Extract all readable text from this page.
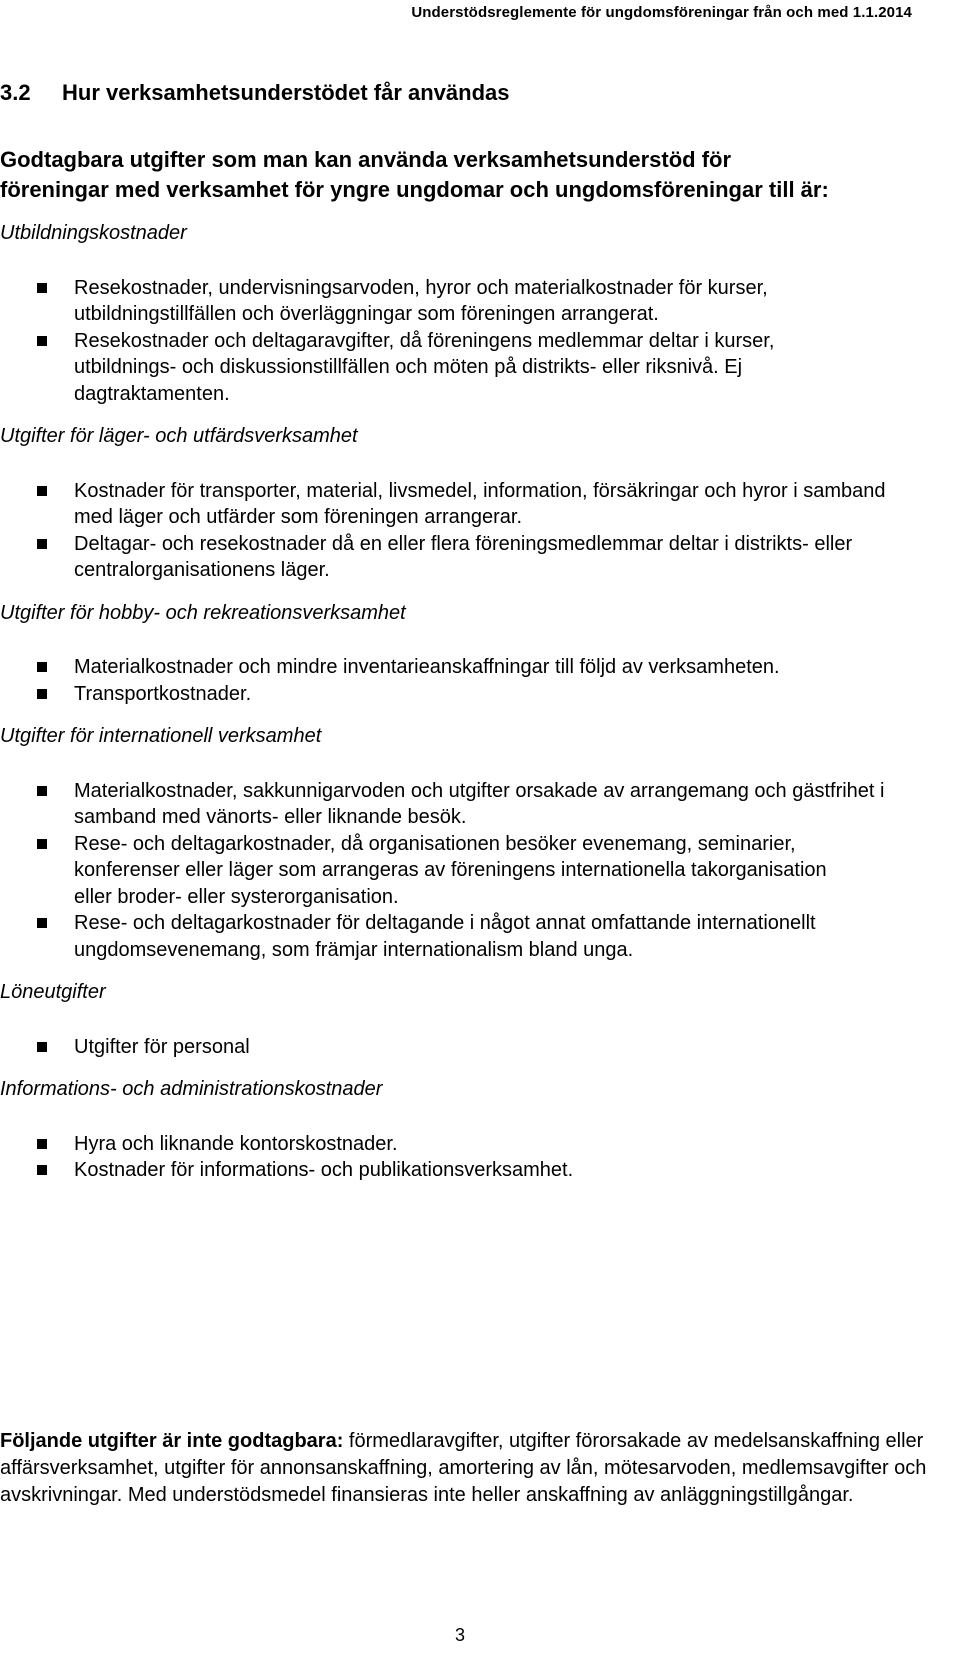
Understödsreglemente för ungdomsföreningar från och med 1.1.2014
3.2 Hur verksamhetsunderstödet får användas
Godtagbara utgifter som man kan använda verksamhetsunderstöd för
föreningar med verksamhet för yngre ungdomar och ungdomsföreningar till är:
Utbildningskostnader
Resekostnader, undervisningsarvoden, hyror och materialkostnader för kurser, utbildningstillfällen och överläggningar som föreningen arrangerat.
Resekostnader och deltagaravgifter, då föreningens medlemmar deltar i kurser, utbildnings- och diskussionstillfällen och möten på distrikts- eller riksnivå. Ej dagtraktamenten.
Utgifter för läger- och utfärdsverksamhet
Kostnader för transporter, material, livsmedel, information, försäkringar och hyror i samband med läger och utfärder som föreningen arrangerar.
Deltagar- och resekostnader då en eller flera föreningsmedlemmar deltar i distrikts- eller centralorganisationens läger.
Utgifter för hobby- och rekreationsverksamhet
Materialkostnader och mindre inventarieanskaffningar till följd av verksamheten.
Transportkostnader.
Utgifter för internationell verksamhet
Materialkostnader, sakkunnigarvoden och utgifter orsakade av arrangemang och gästfrihet i samband med vänorts- eller liknande besök.
Rese- och deltagarkostnader, då organisationen besöker evenemang, seminarier, konferenser eller läger som arrangeras av föreningens internationella takorganisation eller broder- eller systerorganisation.
Rese- och deltagarkostnader för deltagande i något annat omfattande internationellt ungdomsevenemang, som främjar internationalism bland unga.
Löneutgifter
Utgifter för personal
Informations- och administrationskostnader
Hyra och liknande kontorskostnader.
Kostnader för informations- och publikationsverksamhet.
Följande utgifter är inte godtagbara: förmedlaravgifter, utgifter förorsakade av medelsanskaffning eller affärsverksamhet, utgifter för annonsanskaffning, amortering av lån, mötesarvoden, medlemsavgifter och avskrivningar. Med understödsmedel finansieras inte heller anskaffning av anläggningstillgångar.
3
